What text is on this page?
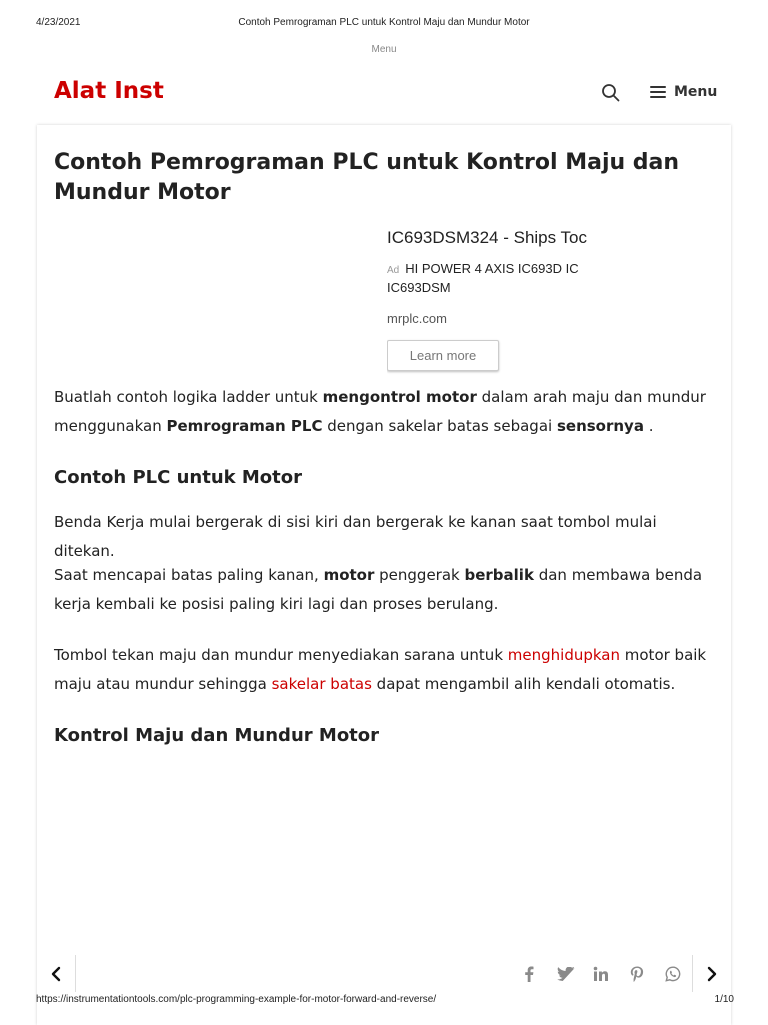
4/23/2021	Contoh Pemrograman PLC untuk Kontrol Maju dan Mundur Motor
Menu
Alat Inst	Menu
Contoh Pemrograman PLC untuk Kontrol Maju dan Mundur Motor
IC693DSM324 - Ships Toc
Ad HI POWER 4 AXIS IC693D IC
IC693DSM
mrplc.com
Learn more

Buatlah contoh logika ladder untuk mengontrol motor dalam arah maju dan mundur menggunakan Pemrograman PLC dengan sakelar batas sebagai sensornya .

Contoh PLC untuk Motor

Benda Kerja mulai bergerak di sisi kiri dan bergerak ke kanan saat tombol mulai ditekan.

Saat mencapai batas paling kanan, motor penggerak berbalik dan membawa benda kerja kembali ke posisi paling kiri lagi dan proses berulang.

Tombol tekan maju dan mundur menyediakan sarana untuk menghidupkan motor baik maju atau mundur sehingga sakelar batas dapat mengambil alih kendali otomatis.

Kontrol Maju dan Mundur Motor
https://instrumentationtools.com/plc-programming-example-for-motor-forward-and-reverse/	1/10
